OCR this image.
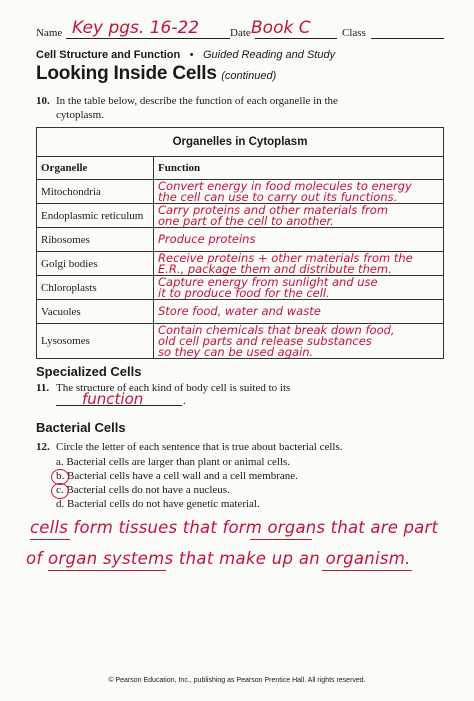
Name Key pgs. 16-22	Date Book C	Class
Cell Structure and Function • Guided Reading and Study
Looking Inside Cells (continued)
10. In the table below, describe the function of each organelle in the
cytoplasm.
Organelles in Cytoplasm	
Organelle	Function
Mitochondria	Convert energy in food molecules to energy
the cell can use to carry out its functions.

Endoplasmic reticulum	Carry proteins and other materials from
one part of the cell to another.

Ribosomes	Produce proteins

Golgi bodies	Receive proteins + other materials from the
E.R., package them and distribute them.

Chloroplasts	Capture energy from sunlight and use
it to produce food for the cell.

Vacuoles	Store food, water and waste

Lysosomes	Contain chemicals that break down food,
old cell parts and release substances
so they can be used again.
Specialized Cells
11. The structure of each kind of body cell is suited to its
function	.
Bacterial Cells
12. Circle the letter of each sentence that is true about bacterial cells.
a. Bacterial cells are larger than plant or animal cells.
b. Bacterial cells have a cell wall and a cell membrane.
c. Bacterial cells do not have a nucleus.
d. Bacterial cells do not have genetic material.
cells form tissues that form organs that are part
of organ systems that make up an organism.
© Pearson Education, Inc., publishing as Pearson Prentice Hall. All rights reserved.
